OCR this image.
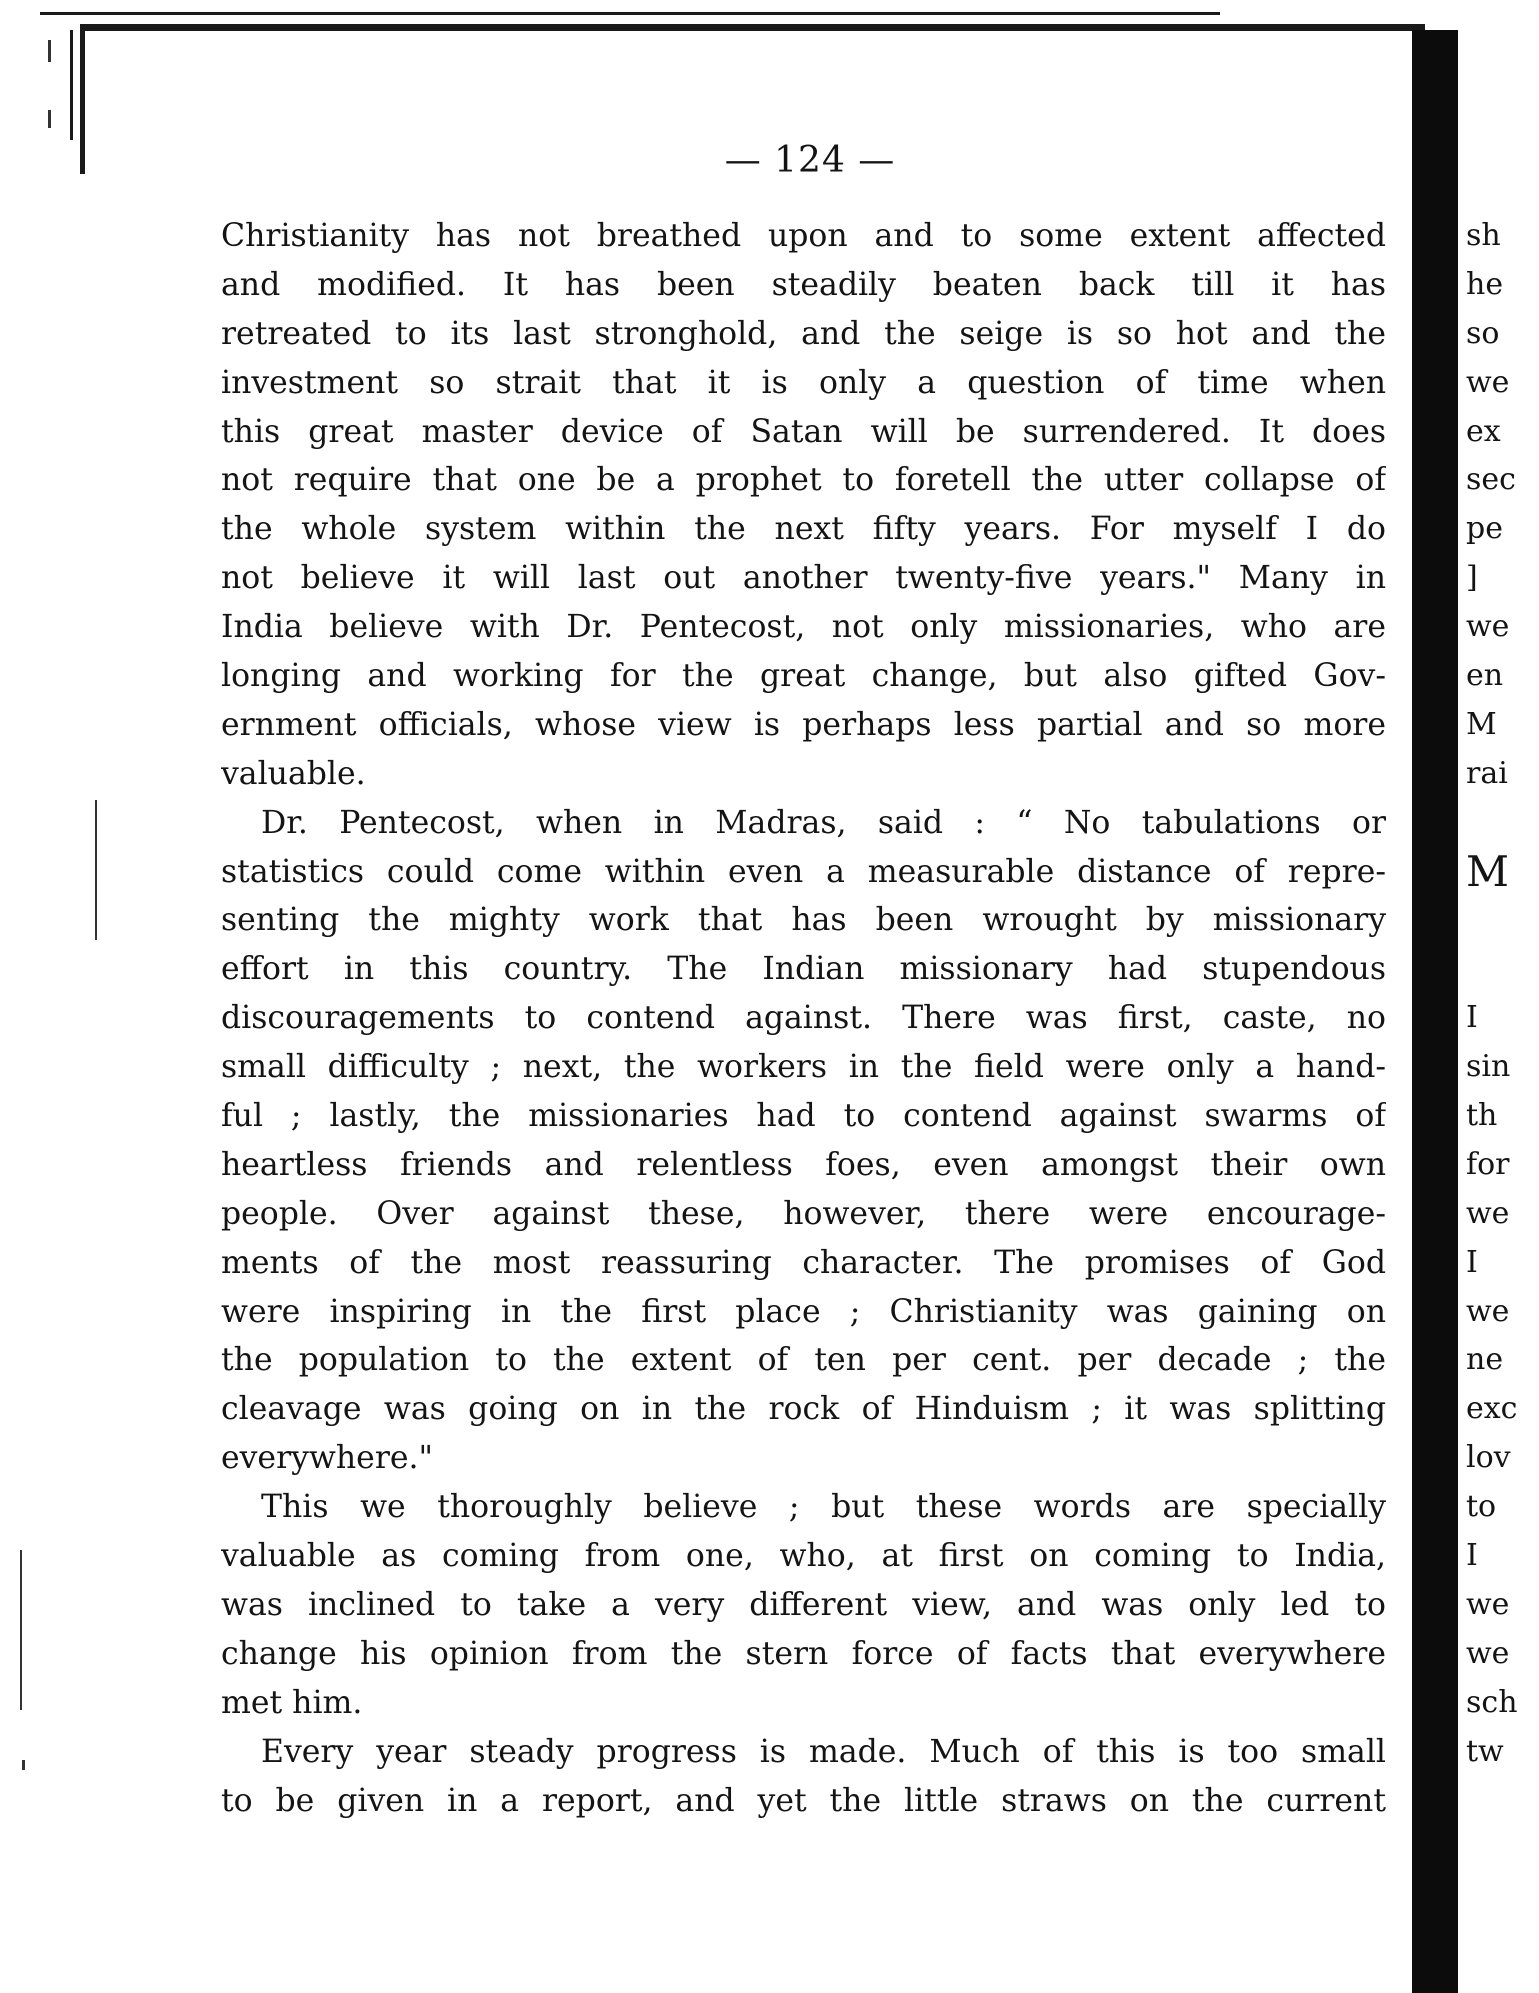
— 124 —
Christianity has not breathed upon and to some extent affected
and modified. It has been steadily beaten back till it has
retreated to its last stronghold, and the seige is so hot and the
investment so strait that it is only a question of time when
this great master device of Satan will be surrendered. It does
not require that one be a prophet to foretell the utter collapse of
the whole system within the next fifty years. For myself I do
not believe it will last out another twenty-five years." Many in
India believe with Dr. Pentecost, not only missionaries, who are
longing and working for the great change, but also gifted Gov-
ernment officials, whose view is perhaps less partial and so more
valuable.
Dr. Pentecost, when in Madras, said : “ No tabulations or
statistics could come within even a measurable distance of repre-
senting the mighty work that has been wrought by missionary
effort in this country. The Indian missionary had stupendous
discouragements to contend against. There was first, caste, no
small difficulty ; next, the workers in the field were only a hand-
ful ; lastly, the missionaries had to contend against swarms of
heartless friends and relentless foes, even amongst their own
people. Over against these, however, there were encourage-
ments of the most reassuring character. The promises of God
were inspiring in the first place ; Christianity was gaining on
the population to the extent of ten per cent. per decade ; the
cleavage was going on in the rock of Hinduism ; it was splitting
everywhere."
This we thoroughly believe ; but these words are specially
valuable as coming from one, who, at first on coming to India,
was inclined to take a very different view, and was only led to
change his opinion from the stern force of facts that everywhere
met him.
Every year steady progress is made. Much of this is too small
to be given in a report, and yet the little straws on the current
sh
he
so
we
ex
sec
pe
]
we
en
M
rai
M
I
sin
th
for
we
I
we
ne
exc
lov
to
I
we
we
sch
tw
